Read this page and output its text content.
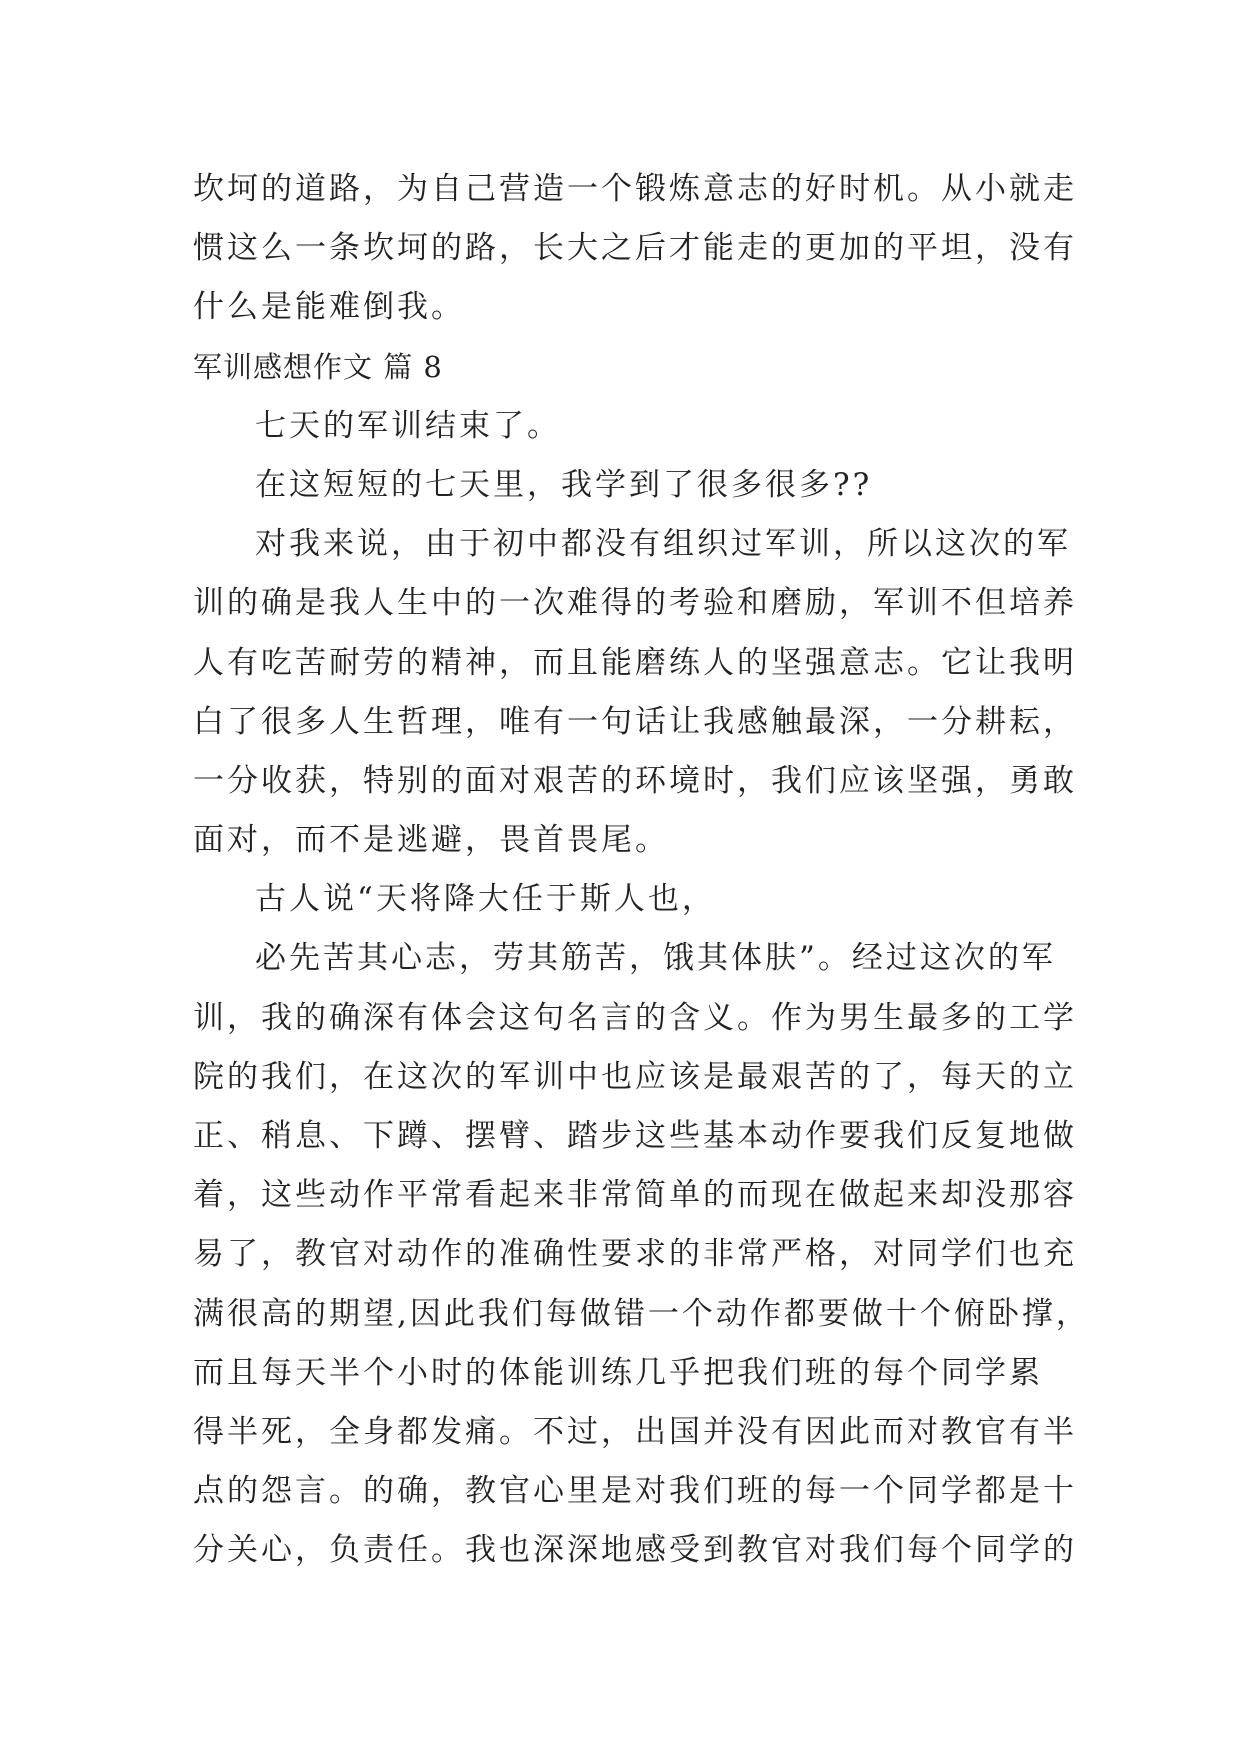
坎坷的道路，为自己营造一个锻炼意志的好时机。从小就走
惯这么一条坎坷的路，长大之后才能走的更加的平坦，没有
什么是能难倒我。
军训感想作文 篇 8
七天的军训结束了。
在这短短的七天里，我学到了很多很多??
对我来说，由于初中都没有组织过军训，所以这次的军
训的确是我人生中的一次难得的考验和磨励，军训不但培养
人有吃苦耐劳的精神，而且能磨练人的坚强意志。它让我明
白了很多人生哲理，唯有一句话让我感触最深，一分耕耘，
一分收获，特别的面对艰苦的环境时，我们应该坚强，勇敢
面对，而不是逃避，畏首畏尾。
古人说“天将降大任于斯人也，
必先苦其心志，劳其筋苦，饿其体肤”。经过这次的军
训，我的确深有体会这句名言的含义。作为男生最多的工学
院的我们，在这次的军训中也应该是最艰苦的了，每天的立
正、稍息、下蹲、摆臂、踏步这些基本动作要我们反复地做
着，这些动作平常看起来非常简单的而现在做起来却没那容
易了，教官对动作的准确性要求的非常严格，对同学们也充
满很高的期望,因此我们每做错一个动作都要做十个俯卧撑，
而且每天半个小时的体能训练几乎把我们班的每个同学累
得半死，全身都发痛。不过，出国并没有因此而对教官有半
点的怨言。的确，教官心里是对我们班的每一个同学都是十
分关心，负责任。我也深深地感受到教官对我们每个同学的
